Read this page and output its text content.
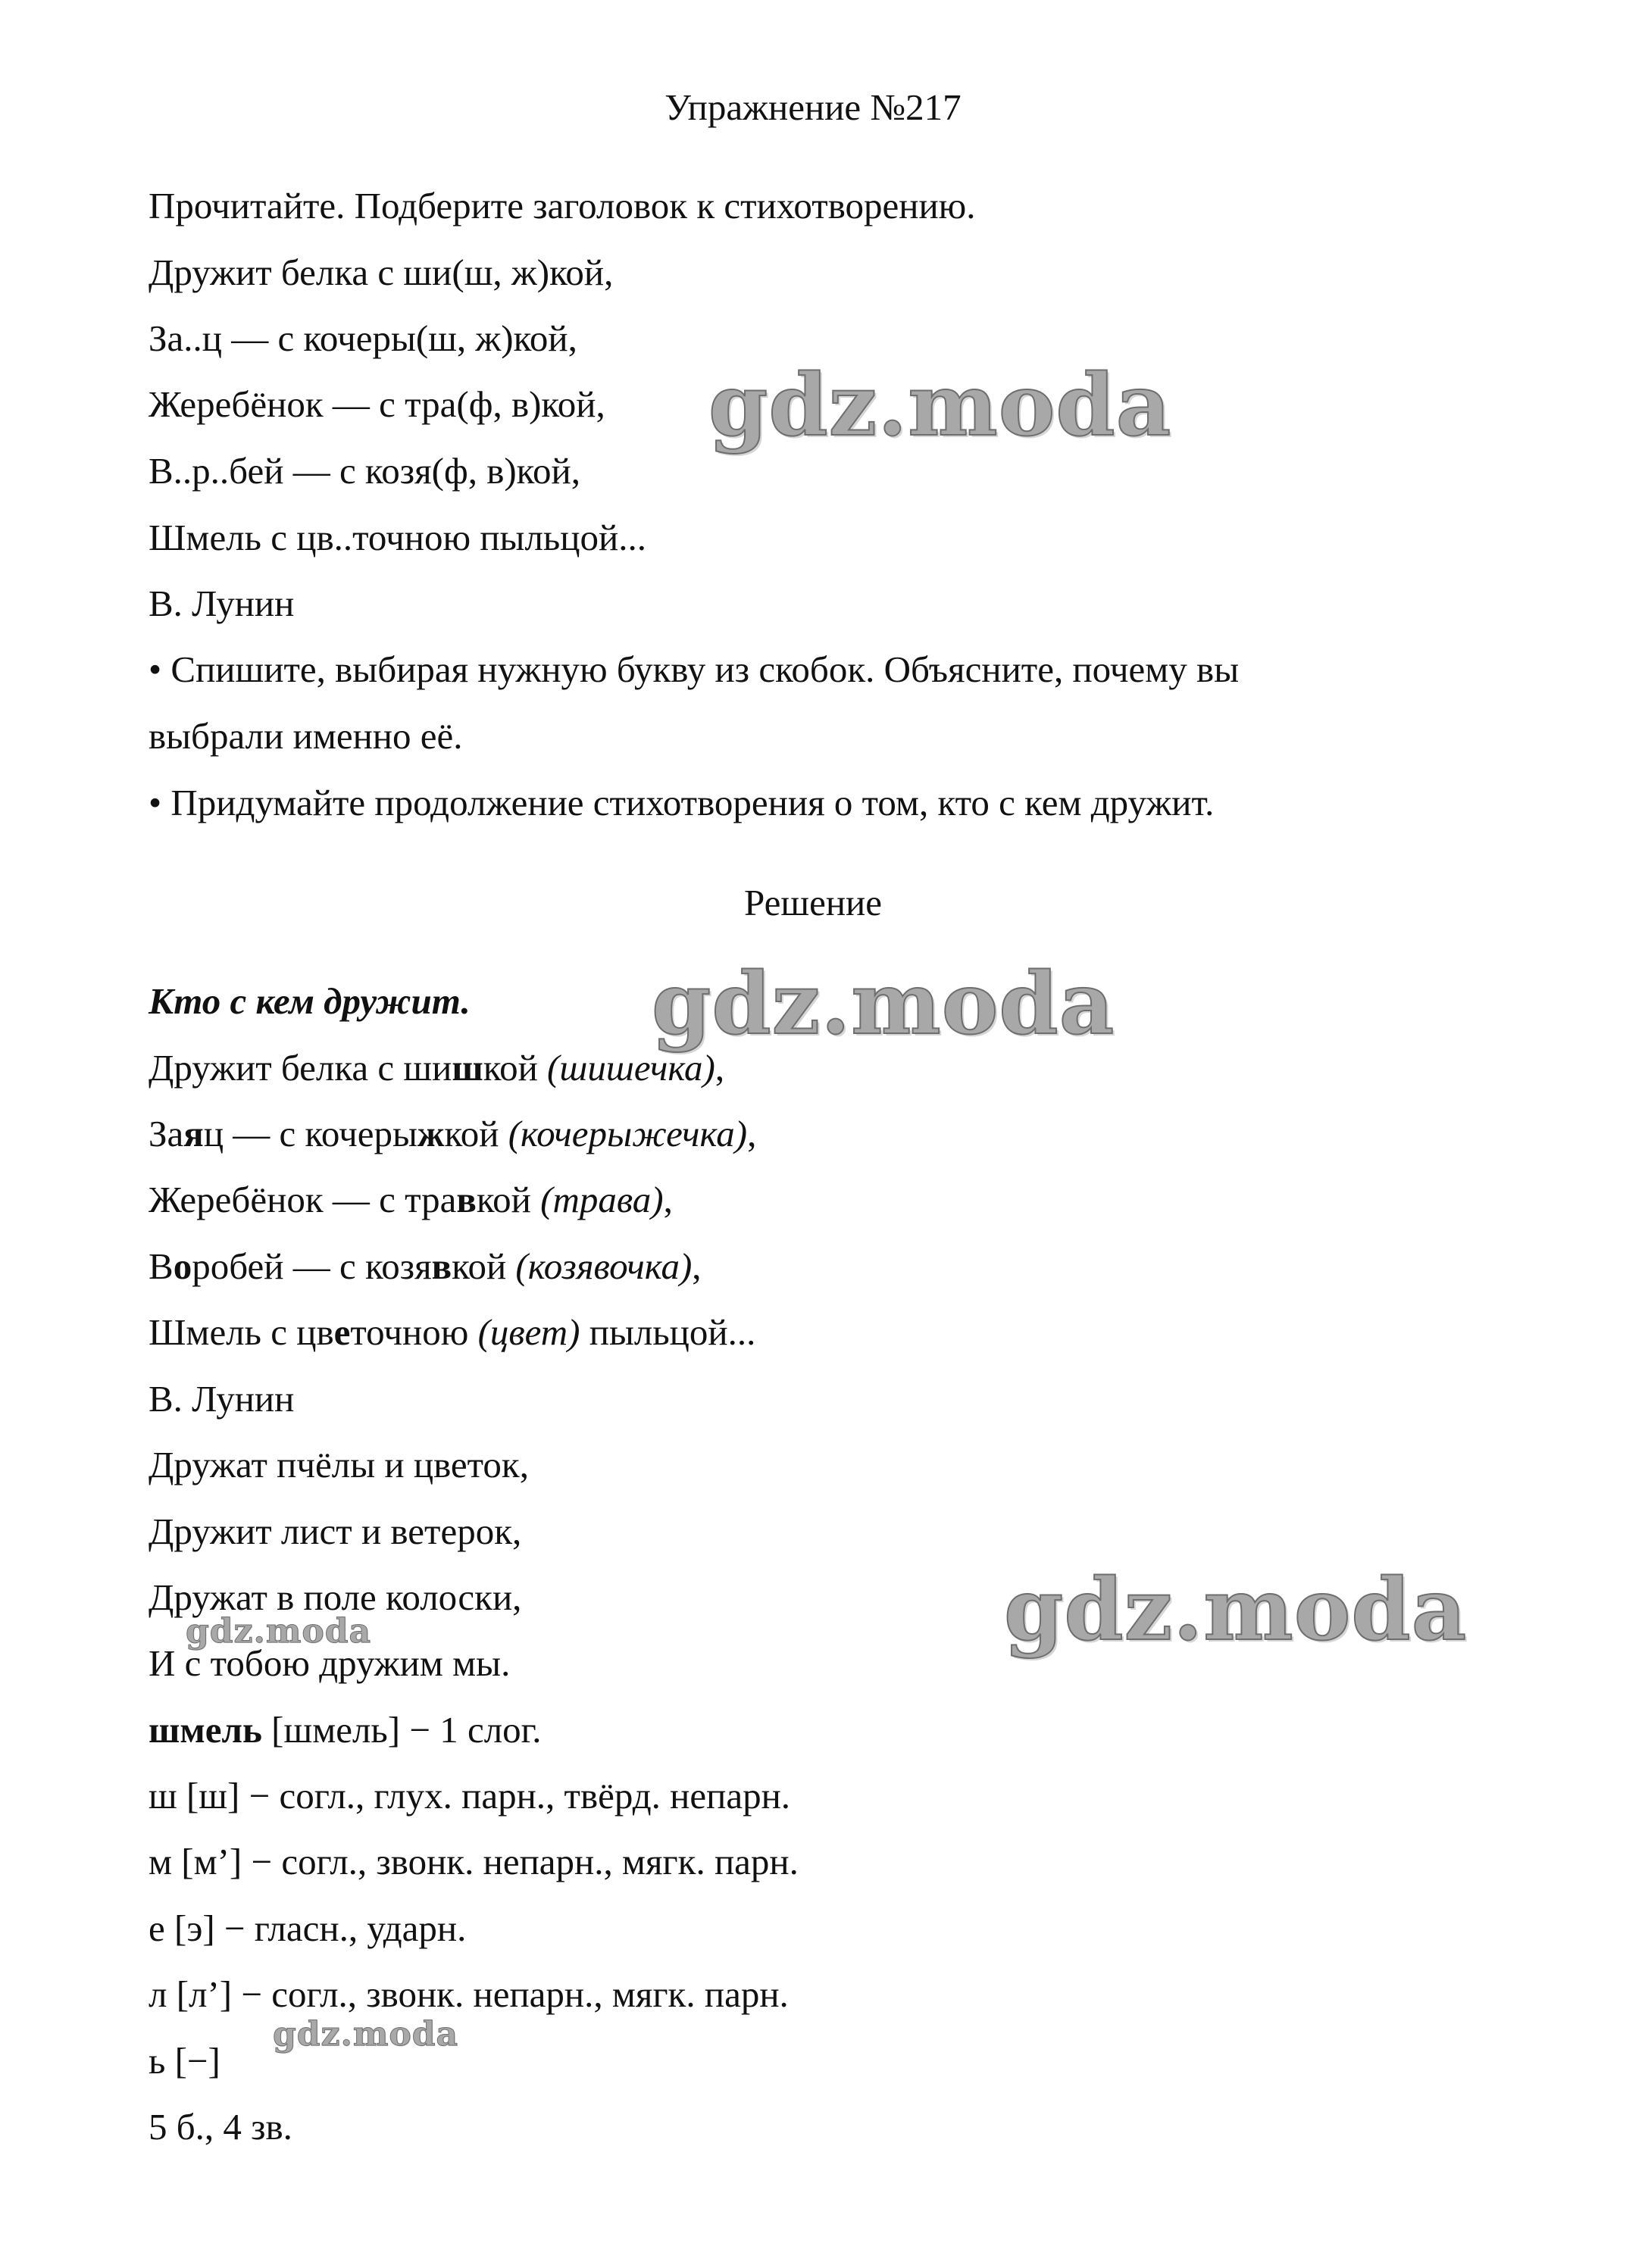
Упражнение №217
Прочитайте. Подберите заголовок к стихотворению.
Дружит белка с ши(ш, ж)кой,
За..ц — с кочеры(ш, ж)кой,
Жеребёнок — с тра(ф, в)кой,
В..р..бей — с козя(ф, в)кой,
Шмель с цв..точною пыльцой...
В. Лунин
• Спишите, выбирая нужную букву из скобок. Объясните, почему вы
выбрали именно её.
• Придумайте продолжение стихотворения о том, кто с кем дружит.
Решение
Кто с кем дружит.
Дружит белка с шишкой (шишечка),
Заяц — с кочерыжкой (кочерыжечка),
Жеребёнок — с травкой (трава),
Воробей — с козявкой (козявочка),
Шмель с цветочною (цвет) пыльцой...
В. Лунин
Дружат пчёлы и цветок,
Дружит лист и ветерок,
Дружат в поле колоски,
И с тобою дружим мы.
шмель [шмель] − 1 слог.
ш [ш] − согл., глух. парн., твёрд. непарн.
м [м’] − согл., звонк. непарн., мягк. парн.
е [э] − гласн., ударн.
л [л’] − согл., звонк. непарн., мягк. парн.
ь [−]
5 б., 4 зв.
gdz.moda
gdz.moda
gdz.moda
gdz.moda
gdz.moda
